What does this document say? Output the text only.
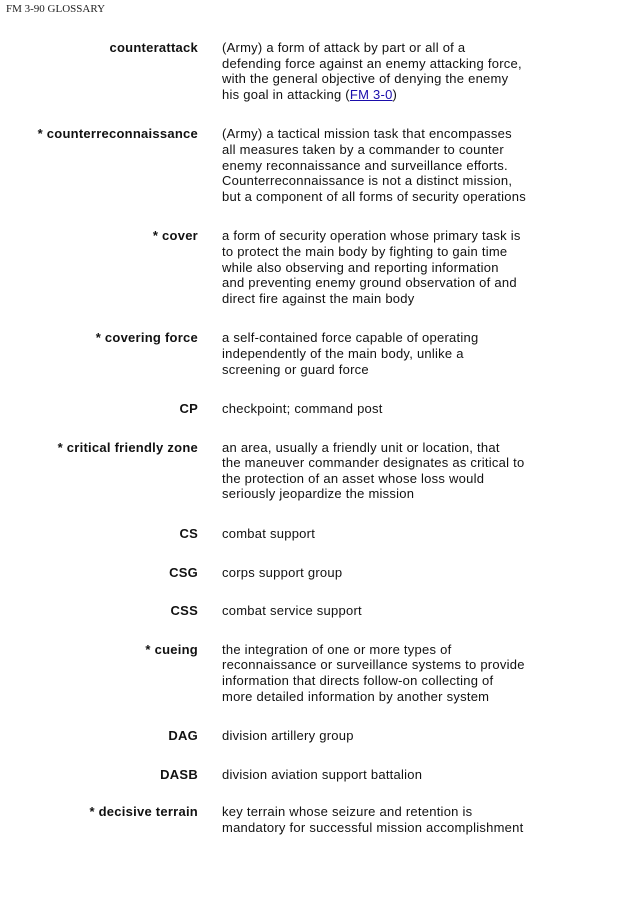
FM 3-90 GLOSSARY
counterattack (Army) a form of attack by part or all of a
defending force against an enemy attacking force,
with the general objective of denying the enemy
his goal in attacking (FM 3-0)
* counterreconnaissance (Army) a tactical mission task that encompasses
all measures taken by a commander to counter
enemy reconnaissance and surveillance efforts.
Counterreconnaissance is not a distinct mission,
but a component of all forms of security operations
* cover a form of security operation whose primary task is
to protect the main body by fighting to gain time
while also observing and reporting information
and preventing enemy ground observation of and
direct fire against the main body
* covering force a self-contained force capable of operating
independently of the main body, unlike a
screening or guard force
CP checkpoint; command post
* critical friendly zone an area, usually a friendly unit or location, that
the maneuver commander designates as critical to
the protection of an asset whose loss would
seriously jeopardize the mission
CS combat support
CSG corps support group
CSS combat service support
* cueing the integration of one or more types of
reconnaissance or surveillance systems to provide
information that directs follow-on collecting of
more detailed information by another system
DAG division artillery group
DASB division aviation support battalion
* decisive terrain key terrain whose seizure and retention is
mandatory for successful mission accomplishment
